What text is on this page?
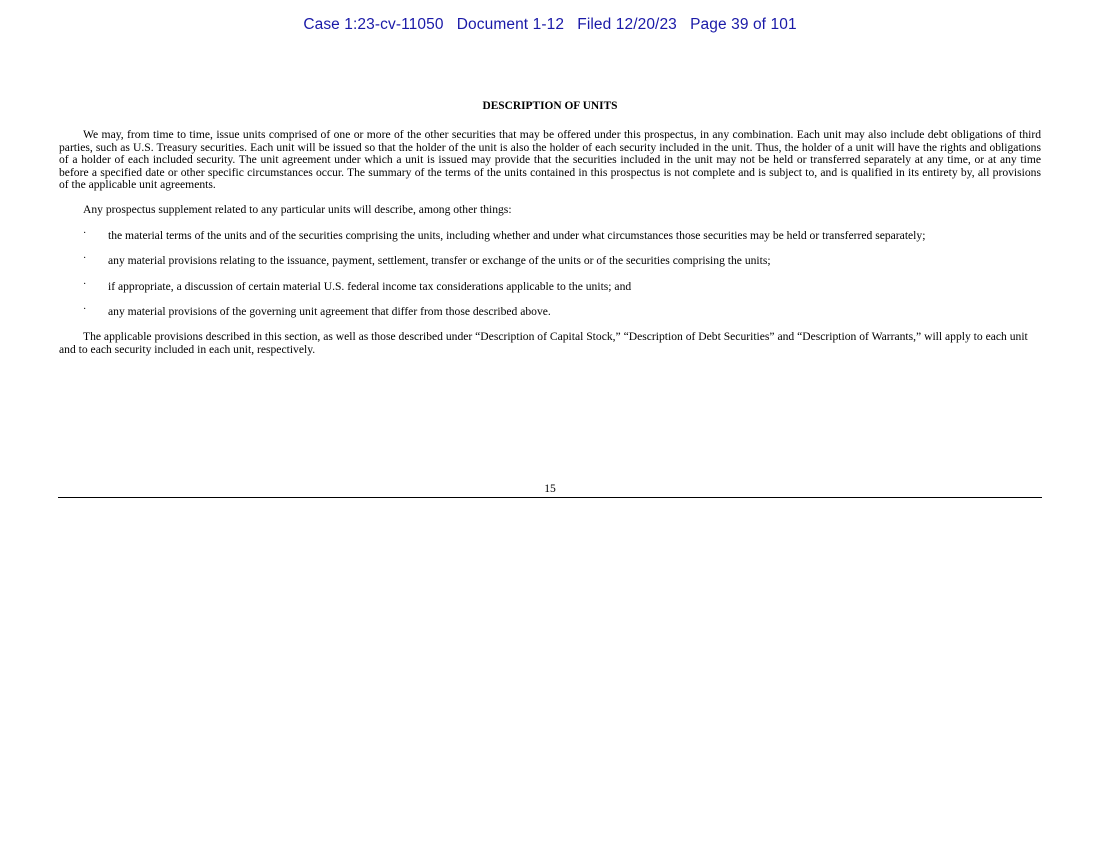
Case 1:23-cv-11050   Document 1-12   Filed 12/20/23   Page 39 of 101
DESCRIPTION OF UNITS

We may, from time to time, issue units comprised of one or more of the other securities that may be offered under this prospectus, in any combination. Each unit may also include debt obligations of third parties, such as U.S. Treasury securities. Each unit will be issued so that the holder of the unit is also the holder of each security included in the unit. Thus, the holder of a unit will have the rights and obligations of a holder of each included security. The unit agreement under which a unit is issued may provide that the securities included in the unit may not be held or transferred separately at any time, or at any time before a specified date or other specific circumstances occur. The summary of the terms of the units contained in this prospectus is not complete and is subject to, and is qualified in its entirety by, all provisions of the applicable unit agreements.

Any prospectus supplement related to any particular units will describe, among other things:

· the material terms of the units and of the securities comprising the units, including whether and under what circumstances those securities may be held or transferred separately;
· any material provisions relating to the issuance, payment, settlement, transfer or exchange of the units or of the securities comprising the units;
· if appropriate, a discussion of certain material U.S. federal income tax considerations applicable to the units; and
· any material provisions of the governing unit agreement that differ from those described above.

The applicable provisions described in this section, as well as those described under “Description of Capital Stock,” “Description of Debt Securities” and “Description of Warrants,” will apply to each unit and to each security included in each unit, respectively.

15
